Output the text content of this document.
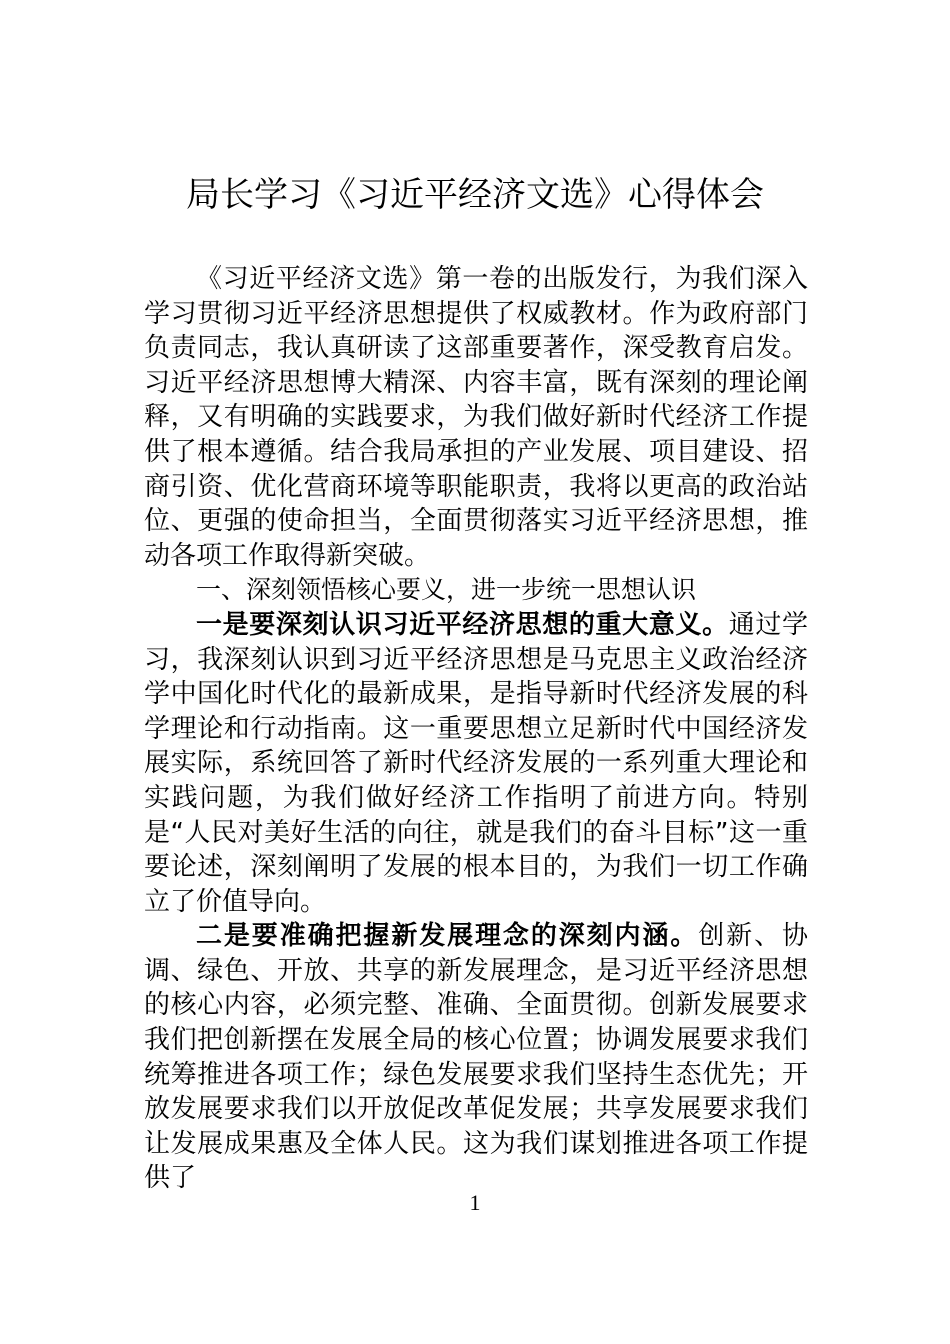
局长学习《习近平经济文选》心得体会

《习近平经济文选》第一卷的出版发行，为我们深入学习贯彻习近平经济思想提供了权威教材。作为政府部门负责同志，我认真研读了这部重要著作，深受教育启发。习近平经济思想博大精深、内容丰富，既有深刻的理论阐释，又有明确的实践要求，为我们做好新时代经济工作提供了根本遵循。结合我局承担的产业发展、项目建设、招商引资、优化营商环境等职能职责，我将以更高的政治站位、更强的使命担当，全面贯彻落实习近平经济思想，推动各项工作取得新突破。

一、深刻领悟核心要义，进一步统一思想认识

一是要深刻认识习近平经济思想的重大意义。通过学习，我深刻认识到习近平经济思想是马克思主义政治经济学中国化时代化的最新成果，是指导新时代经济发展的科学理论和行动指南。这一重要思想立足新时代中国经济发展实际，系统回答了新时代经济发展的一系列重大理论和实践问题，为我们做好经济工作指明了前进方向。特别是“人民对美好生活的向往，就是我们的奋斗目标”这一重要论述，深刻阐明了发展的根本目的，为我们一切工作确立了价值导向。

二是要准确把握新发展理念的深刻内涵。创新、协调、绿色、开放、共享的新发展理念，是习近平经济思想的核心内容，必须完整、准确、全面贯彻。创新发展要求我们把创新摆在发展全局的核心位置；协调发展要求我们统筹推进各项工作；绿色发展要求我们坚持生态优先；开放发展要求我们以开放促改革促发展；共享发展要求我们让发展成果惠及全体人民。这为我们谋划推进各项工作提供了

1
